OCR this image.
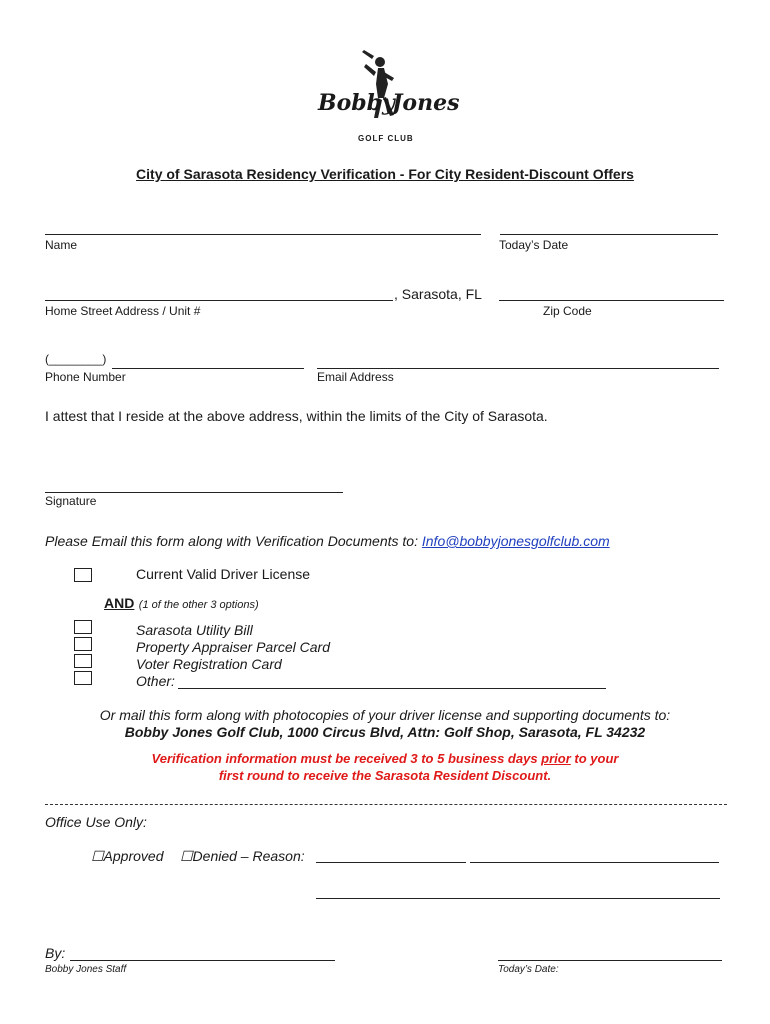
Bobby
Jones
GOLF CLUB
City of Sarasota Residency Verification - For City Resident-Discount Offers
Name	Today’s Date
, Sarasota, FL
Home Street Address / Unit #	Zip Code
(________)
Phone Number	Email Address
I attest that I reside at the above address, within the limits of the City of Sarasota.
Signature
Please Email this form along with Verification Documents to: Info@bobbyjonesgolfclub.com
Current Valid Driver License
AND (1 of the other 3 options)
Sarasota Utility Bill
Property Appraiser Parcel Card
Voter Registration Card
Other:
Or mail this form along with photocopies of your driver license and supporting documents to:
Bobby Jones Golf Club, 1000 Circus Blvd, Attn: Golf Shop, Sarasota, FL 34232
Verification information must be received 3 to 5 business days prior to your
first round to receive the Sarasota Resident Discount.
Office Use Only:
☐Approved ☐Denied – Reason:
By:
Bobby Jones Staff	Today’s Date:
